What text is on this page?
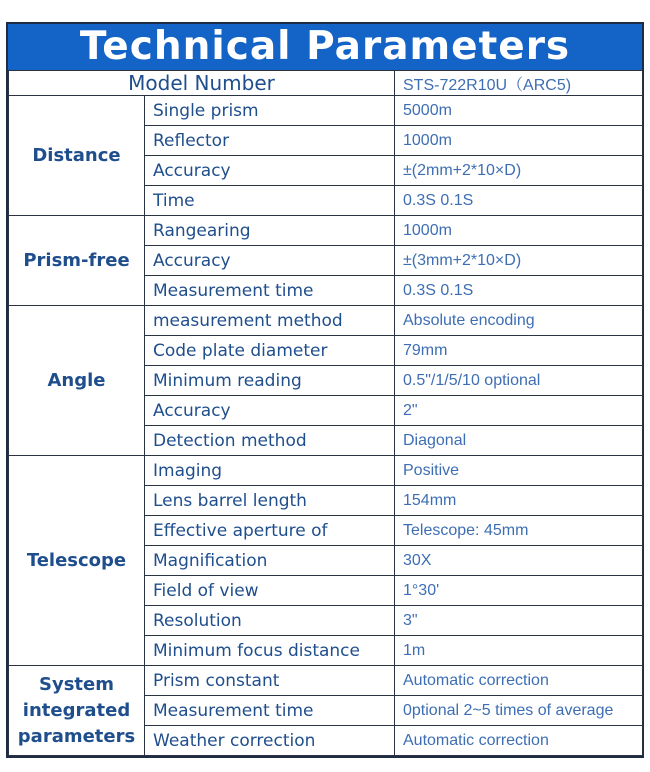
Technical Parameters
Model Number		STS-722R10U（ARC5)
Distance	Single prism	5000m
	Reflector	1000m
	Accuracy	±(2mm+2*10×D)
	Time	0.3S 0.1S
Prism-free	Rangearing	1000m
	Accuracy	±(3mm+2*10×D)
	Measurement time	0.3S 0.1S
Angle	measurement method	Absolute encoding
	Code plate diameter	79mm
	Minimum reading	0.5"/1/5/10 optional
	Accuracy	2"
	Detection method	Diagonal
Telescope	Imaging	Positive
	Lens barrel length	154mm
	Effective aperture of	Telescope: 45mm
	Magnification	30X
	Field of view	1°30'
	Resolution	3"
	Minimum focus distance	1m
System integrated parameters	Prism constant	Automatic correction
	Measurement time	0ptional 2~5 times of average
	Weather correction	Automatic correction
